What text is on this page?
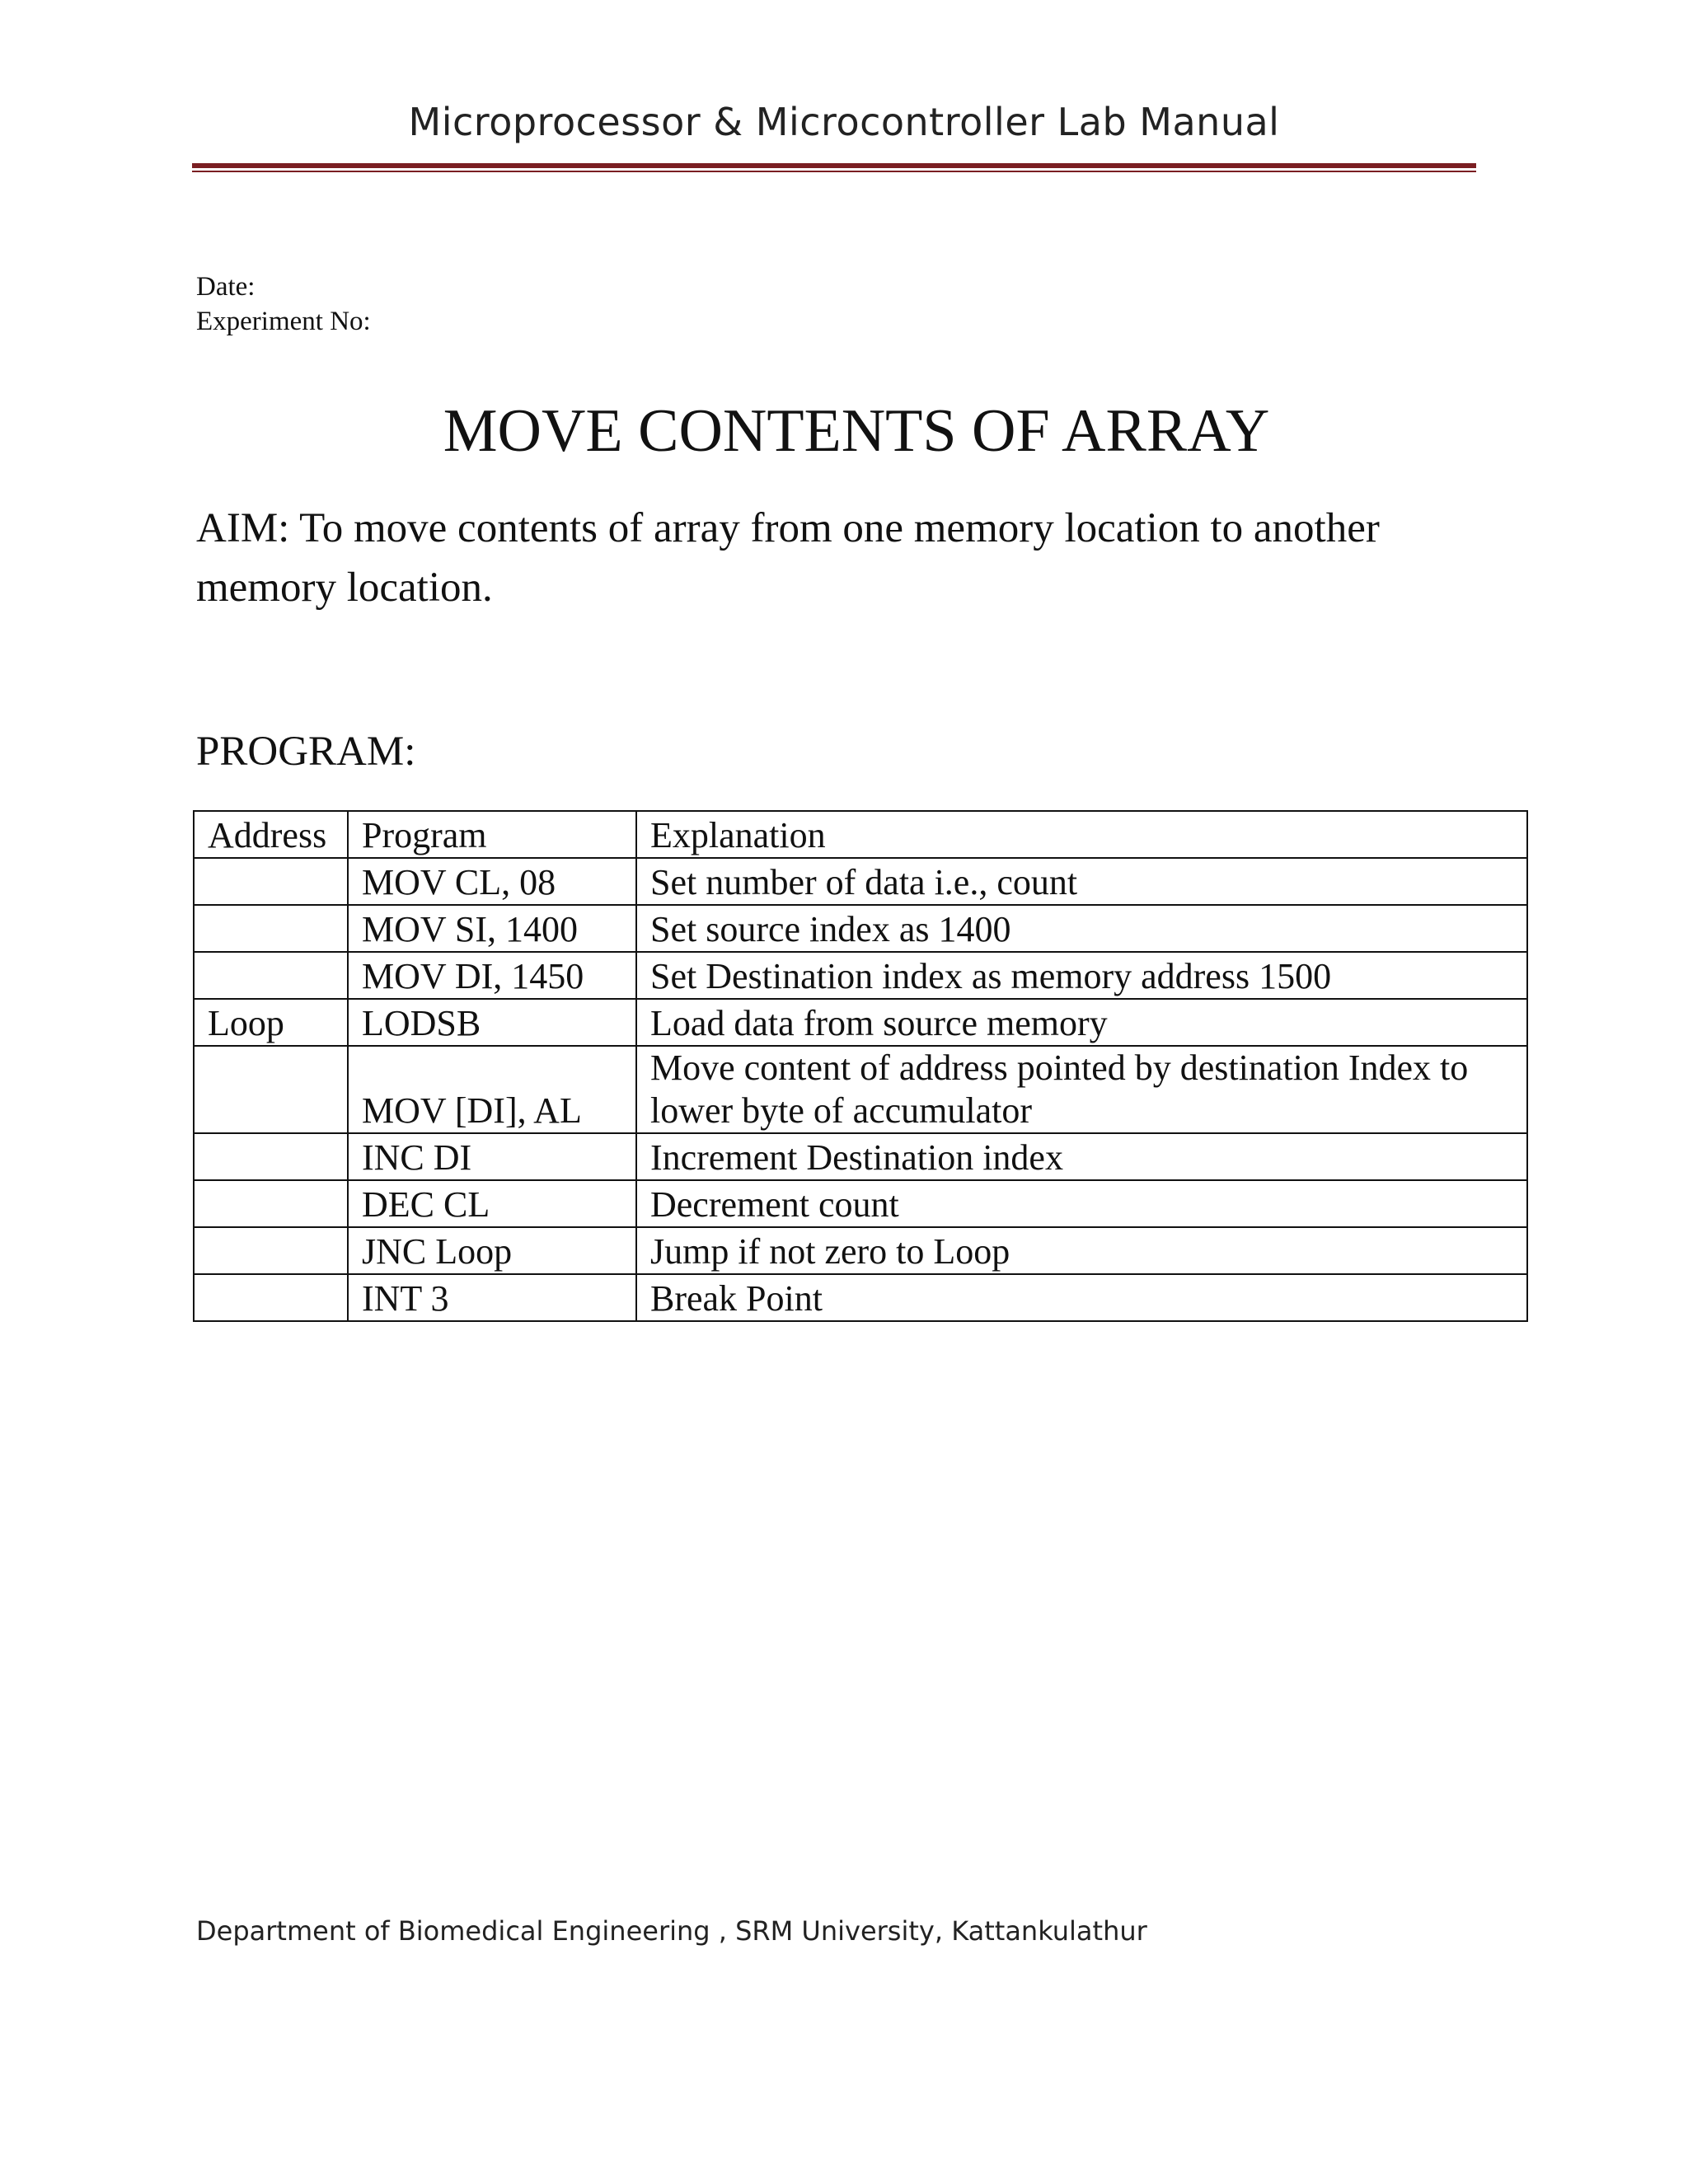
Microprocessor & Microcontroller Lab Manual
Date:
Experiment No:
MOVE CONTENTS OF ARRAY
AIM: To move contents of array from one memory location to another memory location.
PROGRAM:
Address	Program	Explanation
	MOV CL, 08	Set number of data i.e., count
	MOV SI, 1400	Set source index as 1400
	MOV DI, 1450	Set Destination index as memory address 1500
Loop	LODSB	Load data from source memory
	MOV [DI], AL	Move content of address pointed by destination Index to lower byte of accumulator
	INC DI	Increment Destination index
	DEC CL	Decrement count
	JNC Loop	Jump if not zero to Loop
	INT 3	Break Point
Department of Biomedical Engineering , SRM University, Kattankulathur
